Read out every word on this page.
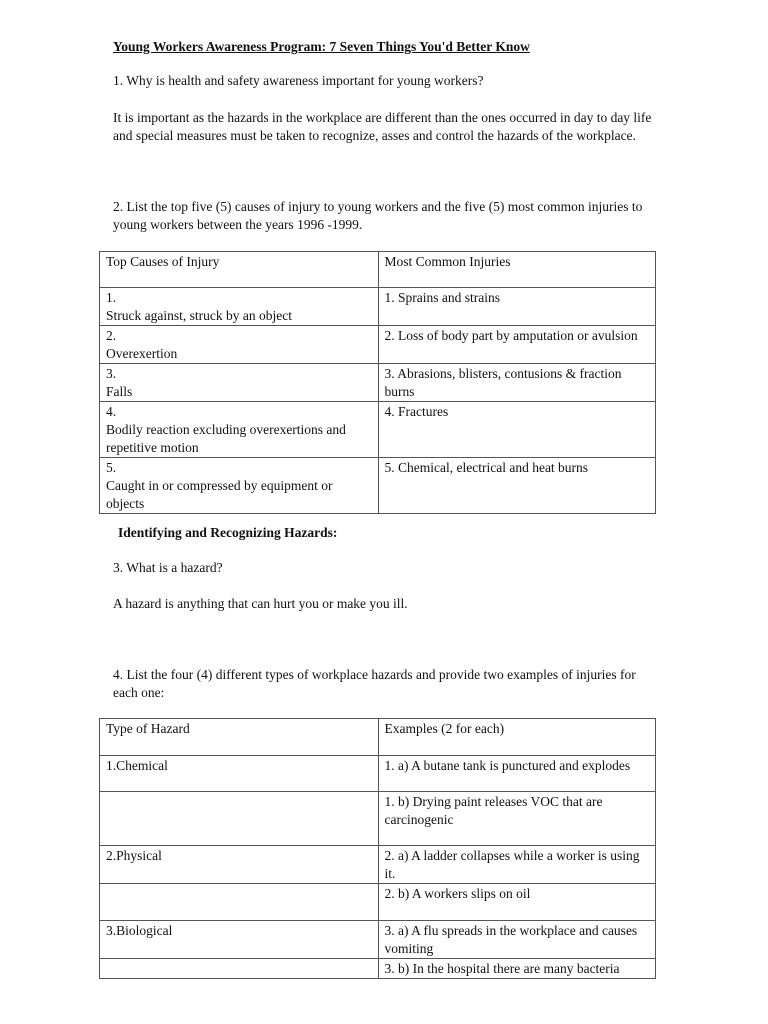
Young Workers Awareness Program: 7 Seven Things You'd Better Know
1. Why is health and safety awareness important for young workers?
It is important as the hazards in the workplace are different than the ones occurred in day to day life and special measures must be taken to recognize, asses and control the hazards of the workplace.
2. List the top five (5) causes of injury to young workers and the five (5) most common injuries to young workers between the years 1996 -1999.
Top Causes of Injury	Most Common Injuries

1.
Struck against, struck by an object	1. Sprains and strains

2.
Overexertion	2. Loss of body part by amputation or avulsion

3.
Falls	3. Abrasions, blisters, contusions & fraction burns

4.
Bodily reaction excluding overexertions and repetitive motion	4. Fractures

5.
Caught in or compressed by equipment or objects	5. Chemical, electrical and heat burns
Identifying and Recognizing Hazards:
3. What is a hazard?
A hazard is anything that can hurt you or make you ill.
4. List the four (4) different types of workplace hazards and provide two examples of injuries for each one:
Type of Hazard	Examples (2 for each)
1.Chemical	1. a) A butane tank is punctured and explodes
	1. b) Drying paint releases VOC that are carcinogenic
2.Physical	2. a) A ladder collapses while a worker is using it.
	2. b) A workers slips on oil
3.Biological	3. a) A flu spreads in the workplace and causes vomiting
	3. b) In the hospital there are many bacteria
